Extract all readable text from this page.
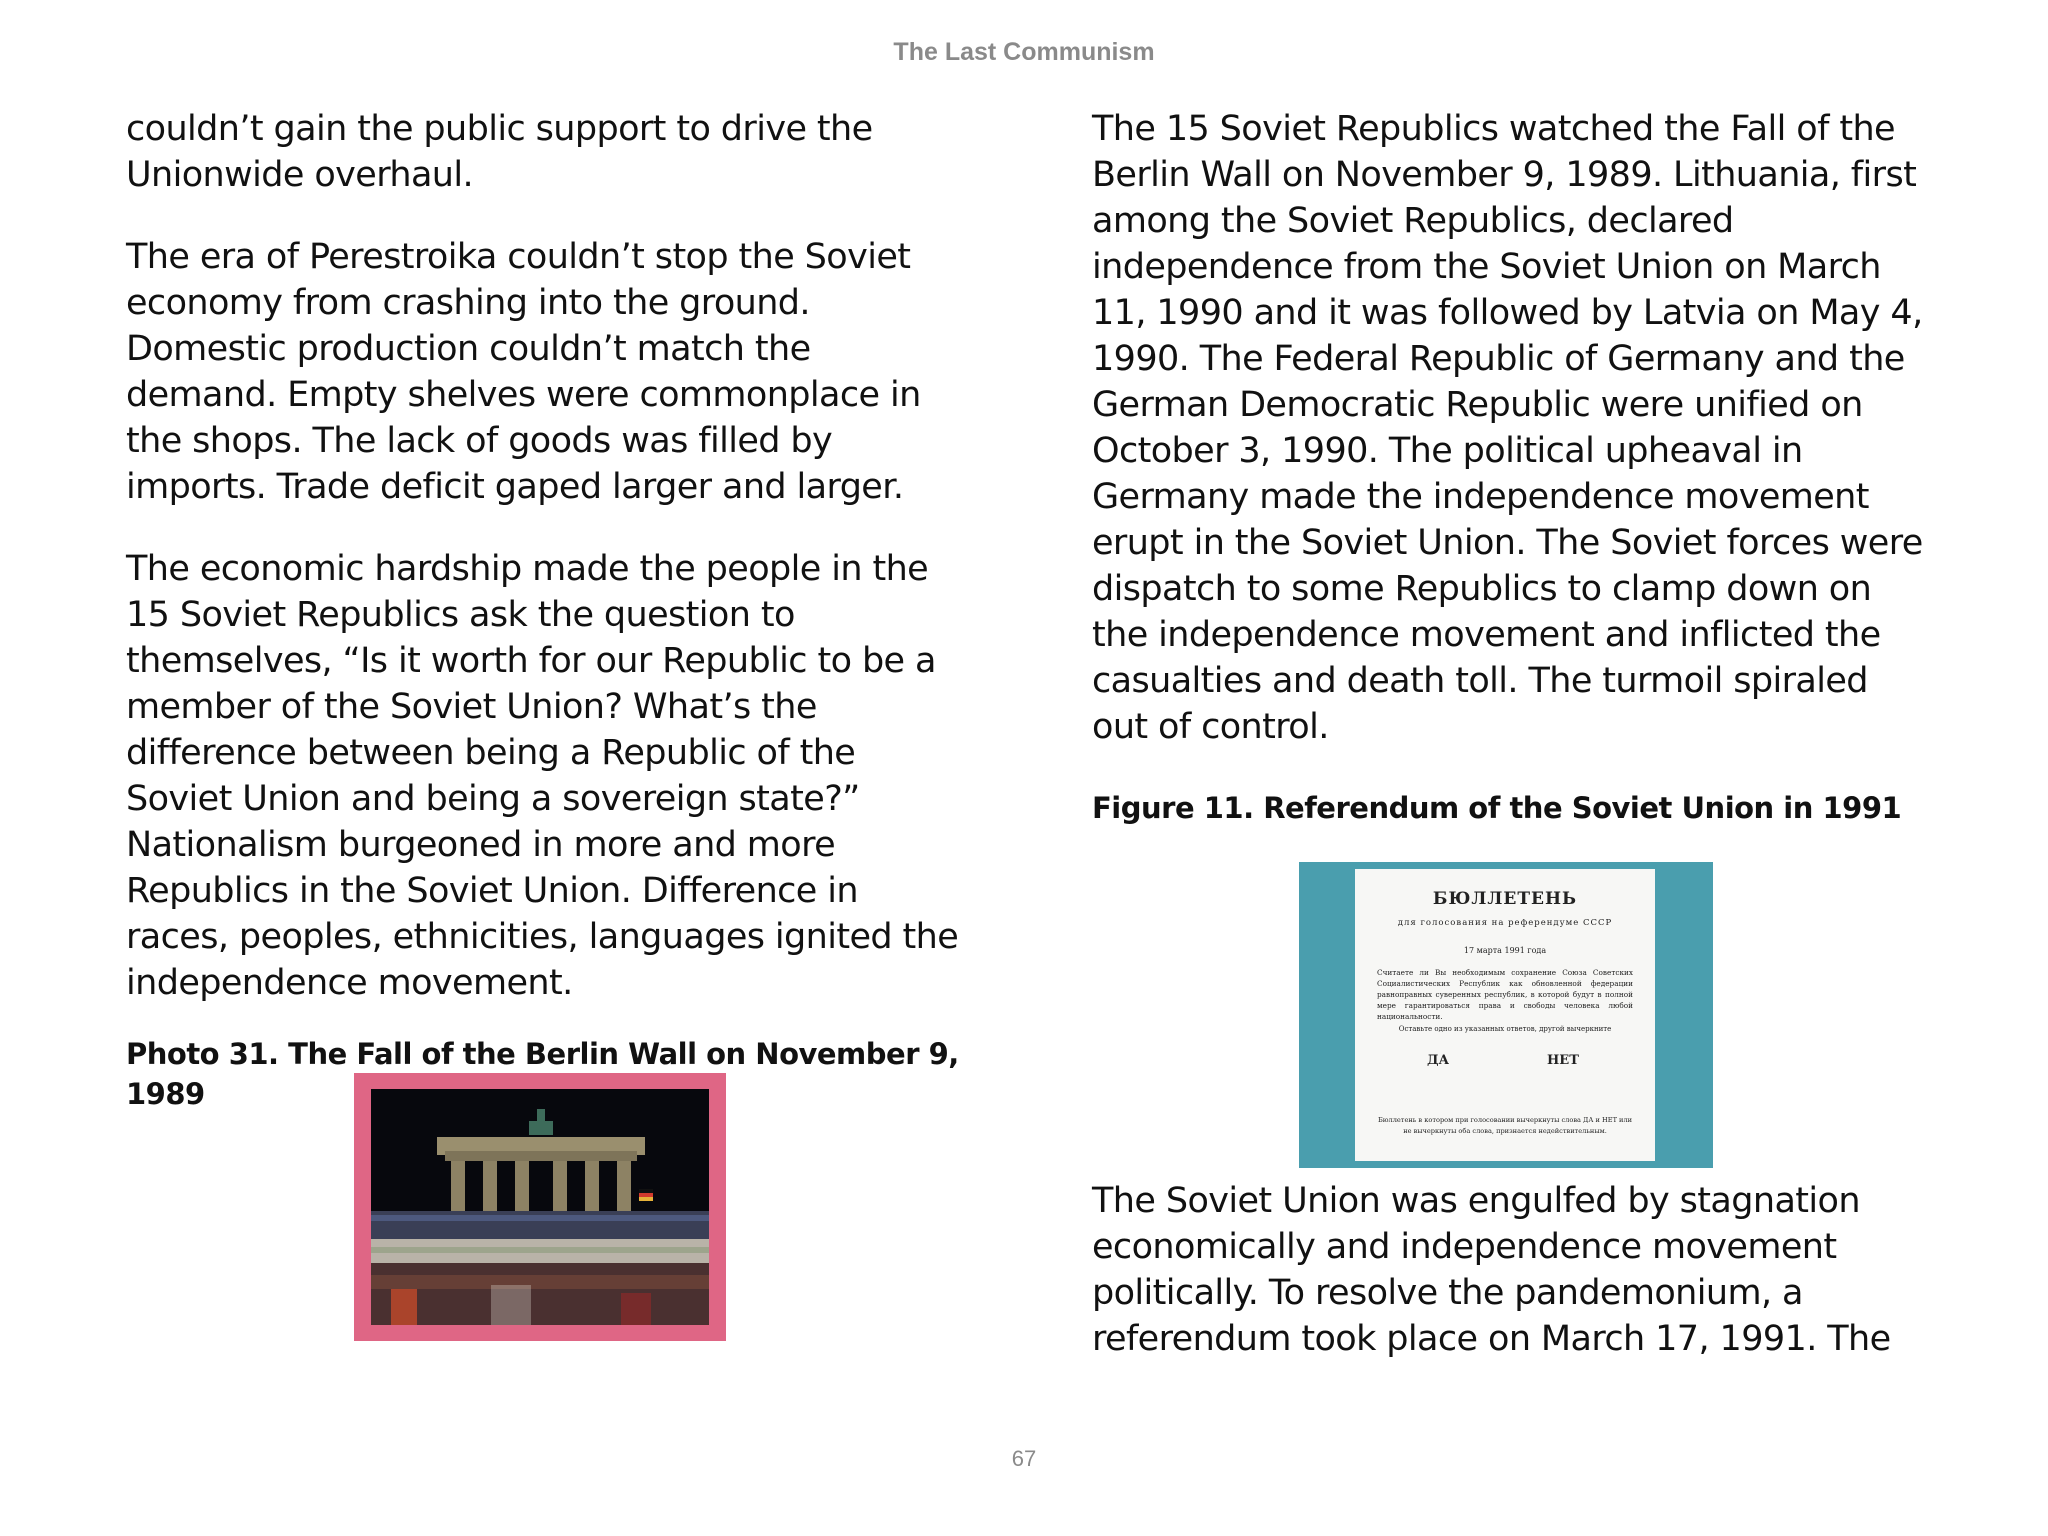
The Last Communism

couldn’t gain the public support to drive the Unionwide overhaul.

The era of Perestroika couldn’t stop the Soviet economy from crashing into the ground. Domestic production couldn’t match the demand. Empty shelves were commonplace in the shops. The lack of goods was filled by imports. Trade deficit gaped larger and larger.

The economic hardship made the people in the 15 Soviet Republics ask the question to themselves, “Is it worth for our Republic to be a member of the Soviet Union? What’s the difference between being a Republic of the Soviet Union and being a sovereign state?” Nationalism burgeoned in more and more Republics in the Soviet Union. Difference in races, peoples, ethnicities, languages ignited the independence movement.

Photo 31. The Fall of the Berlin Wall on November 9, 1989

The 15 Soviet Republics watched the Fall of the Berlin Wall on November 9, 1989. Lithuania, first among the Soviet Republics, declared independence from the Soviet Union on March 11, 1990 and it was followed by Latvia on May 4, 1990. The Federal Republic of Germany and the German Democratic Republic were unified on October 3, 1990. The political upheaval in Germany made the independence movement erupt in the Soviet Union. The Soviet forces were dispatch to some Republics to clamp down on the independence movement and inflicted the casualties and death toll. The turmoil spiraled out of control.

Figure 11. Referendum of the Soviet Union in 1991

The Soviet Union was engulfed by stagnation economically and independence movement politically. To resolve the pandemonium, a referendum took place on March 17, 1991. The

БЮЛЛЕТЕНЬ
для голосования на референдуме СССР
17 марта 1991 года
Считаете ли Вы необходимым сохранение Союза Советских Социалистических Республик как обновленной федерации равноправных суверенных республик, в которой будут в полной мере гарантироваться права и свободы человека любой национальности.
Оставьте одно из указанных ответов, другой вычеркните
ДА	НЕТ
Бюллетень в котором при голосовании вычеркнуты слова ДА и НЕТ или не вычеркнуты оба слова, признается недействительным.
67
